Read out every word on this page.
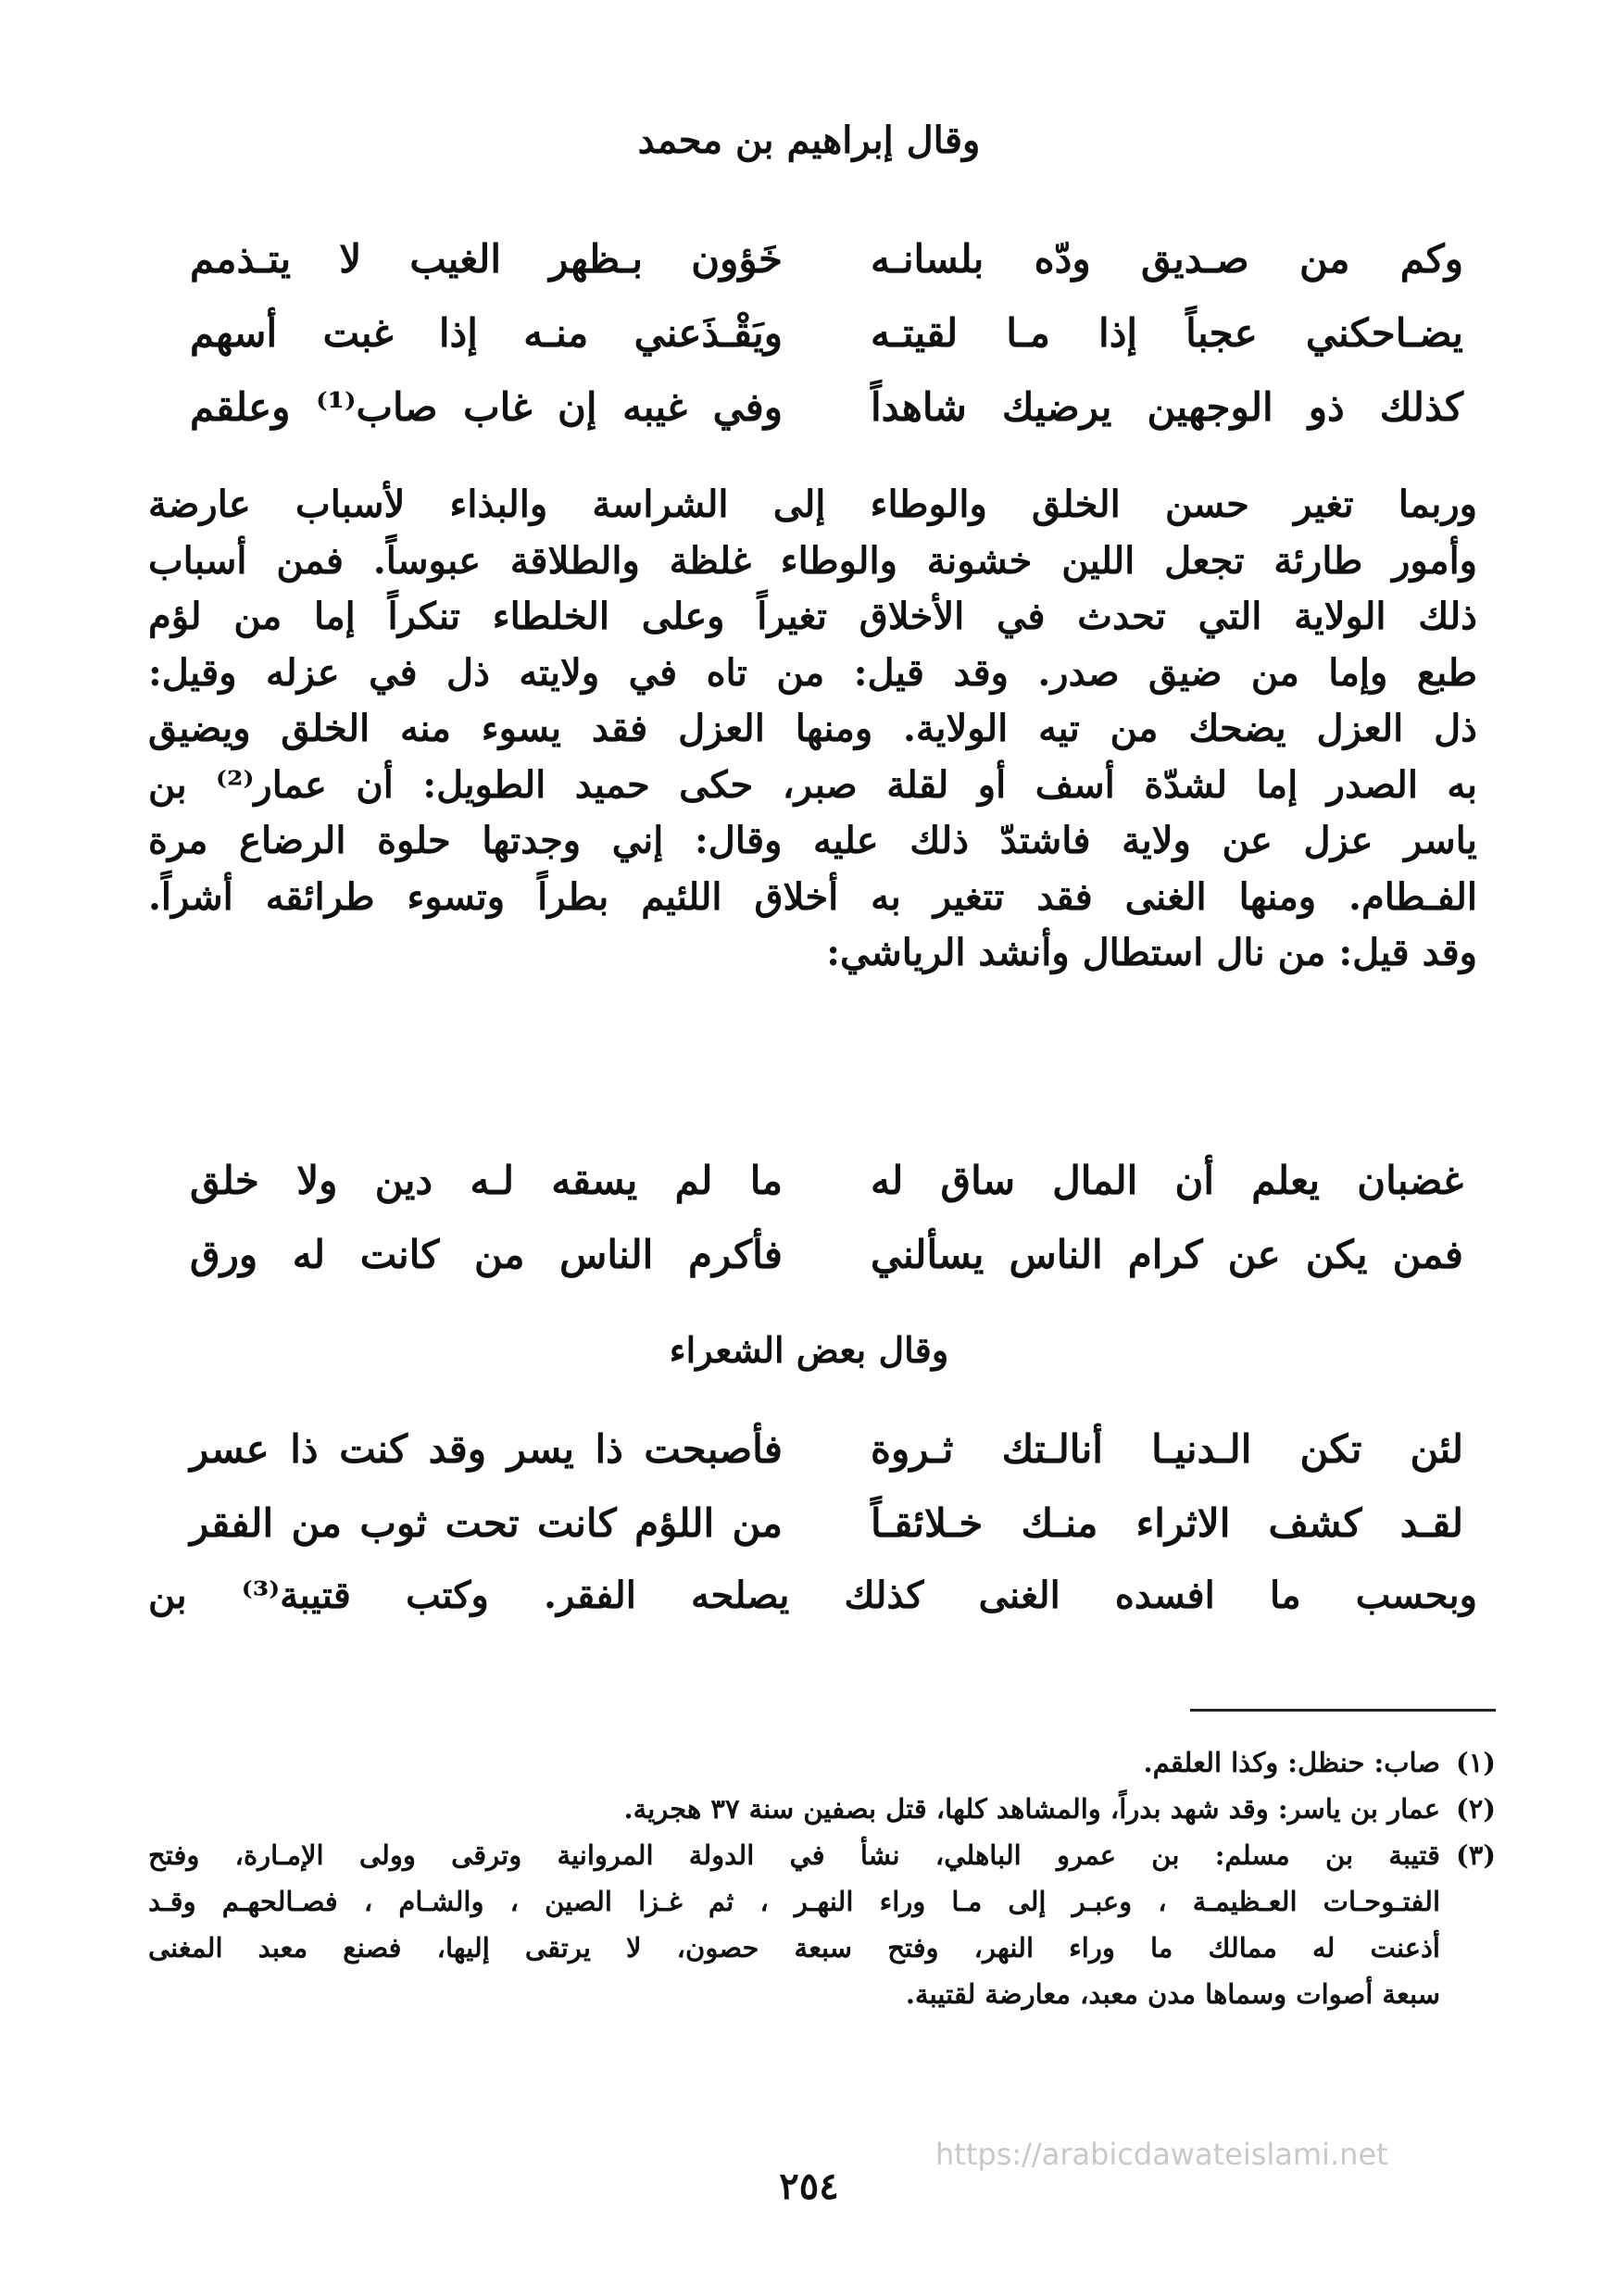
وقال إبراهيم بن محمد
وكم من صـديق ودّه بلسانـه
خَؤون بـظهر الغيب لا يتـذمم
يضـاحكني عجباً إذا مـا لقيتـه
ويَقْـذَعني منـه إذا غبت أسهم
كذلك ذو الوجهين يرضيك شاهداً
وفي غيبه إن غاب صاب⁽¹⁾ وعلقم
وربما تغير حسن الخلق والوطاء إلى الشراسة والبذاء لأسباب عارضة
وأمور طارئة تجعل اللين خشونة والوطاء غلظة والطلاقة عبوساً. فمن أسباب
ذلك الولاية التي تحدث في الأخلاق تغيراً وعلى الخلطاء تنكراً إما من لؤم
طبع وإما من ضيق صدر. وقد قيل: من تاه في ولايته ذل في عزله وقيل:
ذل العزل يضحك من تيه الولاية. ومنها العزل فقد يسوء منه الخلق ويضيق
به الصدر إما لشدّة أسف أو لقلة صبر، حكى حميد الطويل: أن عمار⁽²⁾ بن
ياسر عزل عن ولاية فاشتدّ ذلك عليه وقال: إني وجدتها حلوة الرضاع مرة
الفـطام. ومنها الغنى فقد تتغير به أخلاق اللئيم بطراً وتسوء طرائقه أشراً.
وقد قيل: من نال استطال وأنشد الرياشي:
غضبان يعلم أن المال ساق له
ما لم يسقه لـه دين ولا خلق
فمن يكن عن كرام الناس يسألني
فأكرم الناس من كانت له ورق
وقال بعض الشعراء
لئن تكن الـدنيـا أنالـتك ثـروة
فأصبحت ذا يسر وقد كنت ذا عسر
لقـد كشف الاثراء منـك خـلائقـاً
من اللؤم كانت تحت ثوب من الفقر
وبحسب ما افسده الغنى كذلك يصلحه الفقر. وكتب قتيبة⁽³⁾ بن
(١)
صاب: حنظل: وكذا العلقم.
(٢)
عمار بن ياسر: وقد شهد بدراً، والمشاهد كلها، قتل بصفين سنة ٣٧ هجرية.
(٣)
قتيبة بن مسلم: بن عمرو الباهلي، نشأ في الدولة المروانية وترقى وولى الإمـارة، وفتح
الفتـوحـات العـظيمـة ، وعبـر إلى مـا وراء النهـر ، ثم غـزا الصين ، والشـام ، فصـالحهـم وقـد
أذعنت له ممالك ما وراء النهر، وفتح سبعة حصون، لا يرتقى إليها، فصنع معبد المغنى
سبعة أصوات وسماها مدن معبد، معارضة لقتيبة.
https://arabicdawateislami.net
٢٥٤
